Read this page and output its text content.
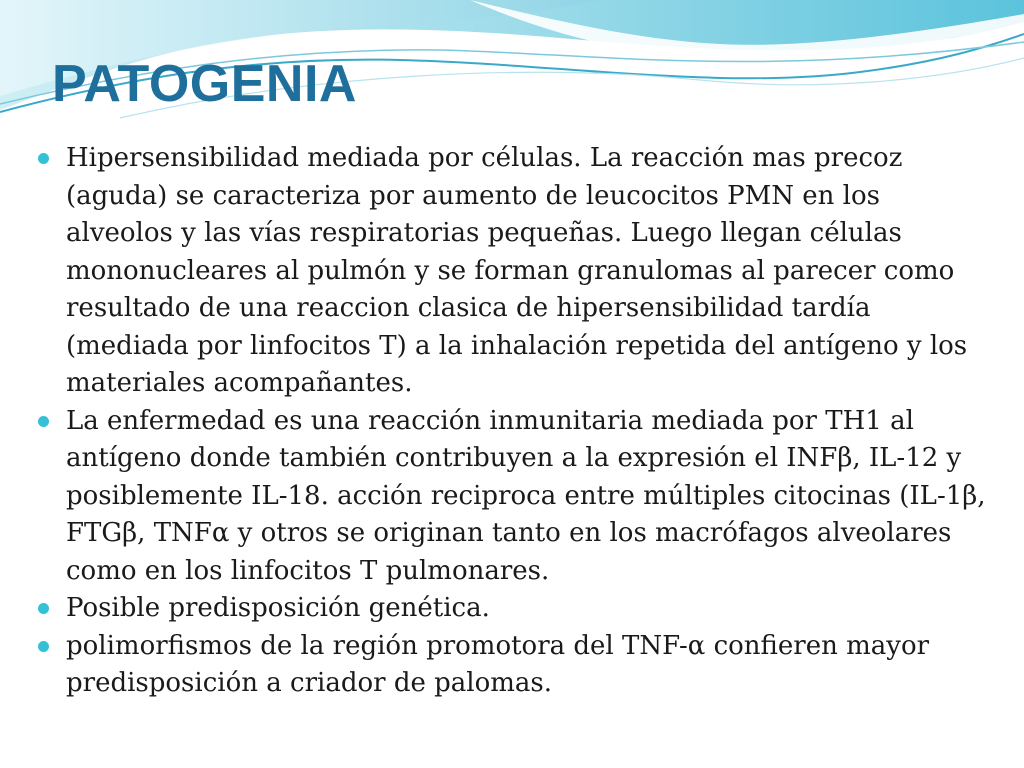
PATOGENIA
Hipersensibilidad mediada por células. La reacción mas precoz (aguda) se caracteriza por aumento de leucocitos PMN en los alveolos y las vías respiratorias pequeñas. Luego llegan células mononucleares al pulmón y se forman granulomas al parecer como resultado de una reaccion clasica de hipersensibilidad tardía (mediada por linfocitos T) a la inhalación repetida del antígeno y los materiales acompañantes.
La enfermedad es una reacción inmunitaria mediada por TH1 al antígeno donde también contribuyen a la expresión el INFβ, IL-12 y posiblemente IL-18. acción reciproca entre múltiples citocinas (IL-1β, FTGβ, TNFα y otros se originan tanto en los macrófagos alveolares como en los linfocitos T pulmonares.
Posible predisposición genética.
polimorfismos de la región promotora del TNF-α confieren mayor predisposición a criador de palomas.
